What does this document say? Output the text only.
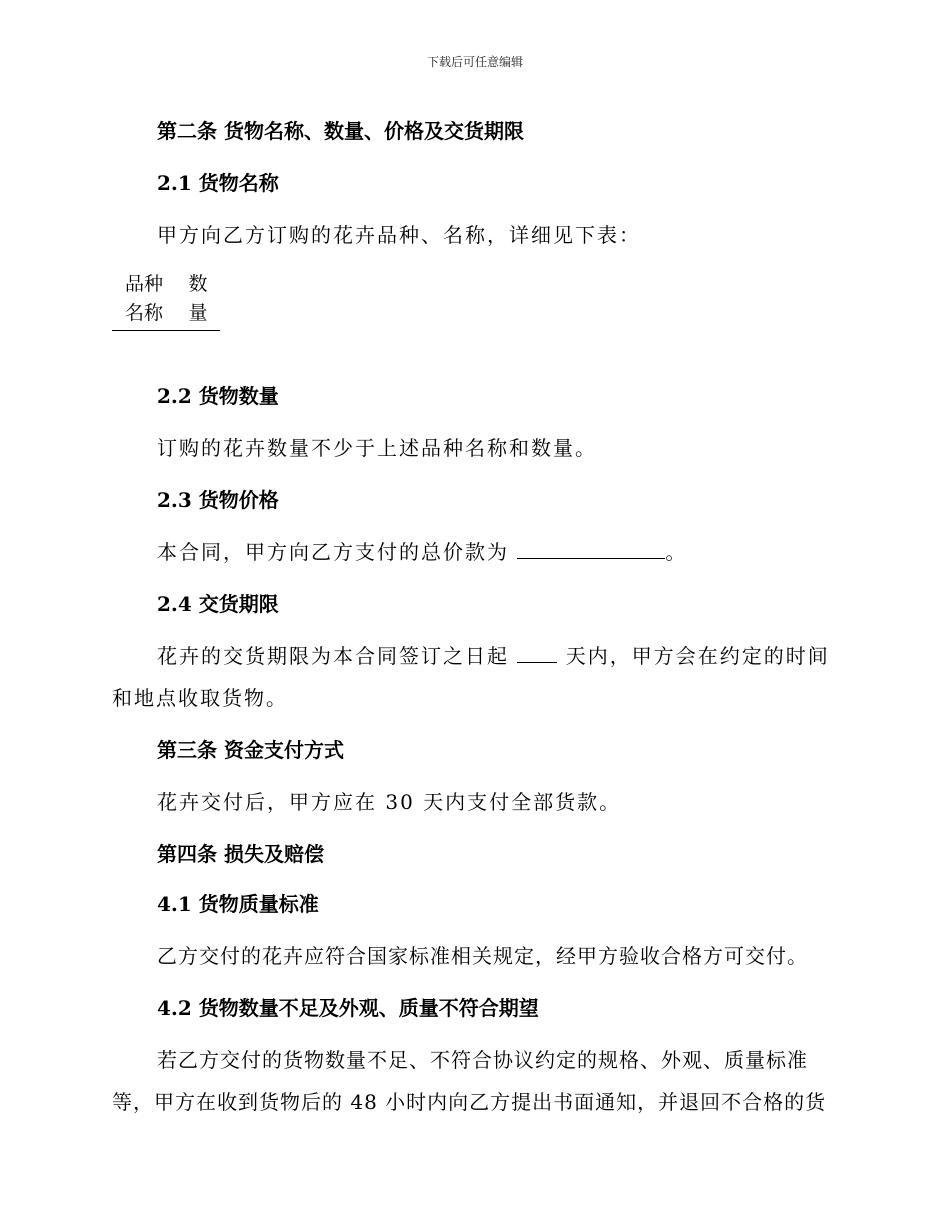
下载后可任意编辑
第二条 货物名称、数量、价格及交货期限
2.1 货物名称
甲方向乙方订购的花卉品种、名称，详细见下表：
品种
名称
数
量
2.2 货物数量
订购的花卉数量不少于上述品种名称和数量。
2.3 货物价格
本合同，甲方向乙方支付的总价款为	。
2.4 交货期限
花卉的交货期限为本合同签订之日起	天内，甲方会在约定的时间
和地点收取货物。
第三条 资金支付方式
花卉交付后，甲方应在 30 天内支付全部货款。
第四条 损失及赔偿
4.1 货物质量标准
乙方交付的花卉应符合国家标准相关规定，经甲方验收合格方可交付。
4.2 货物数量不足及外观、质量不符合期望
若乙方交付的货物数量不足、不符合协议约定的规格、外观、质量标准
等，甲方在收到货物后的 48 小时内向乙方提出书面通知，并退回不合格的货
